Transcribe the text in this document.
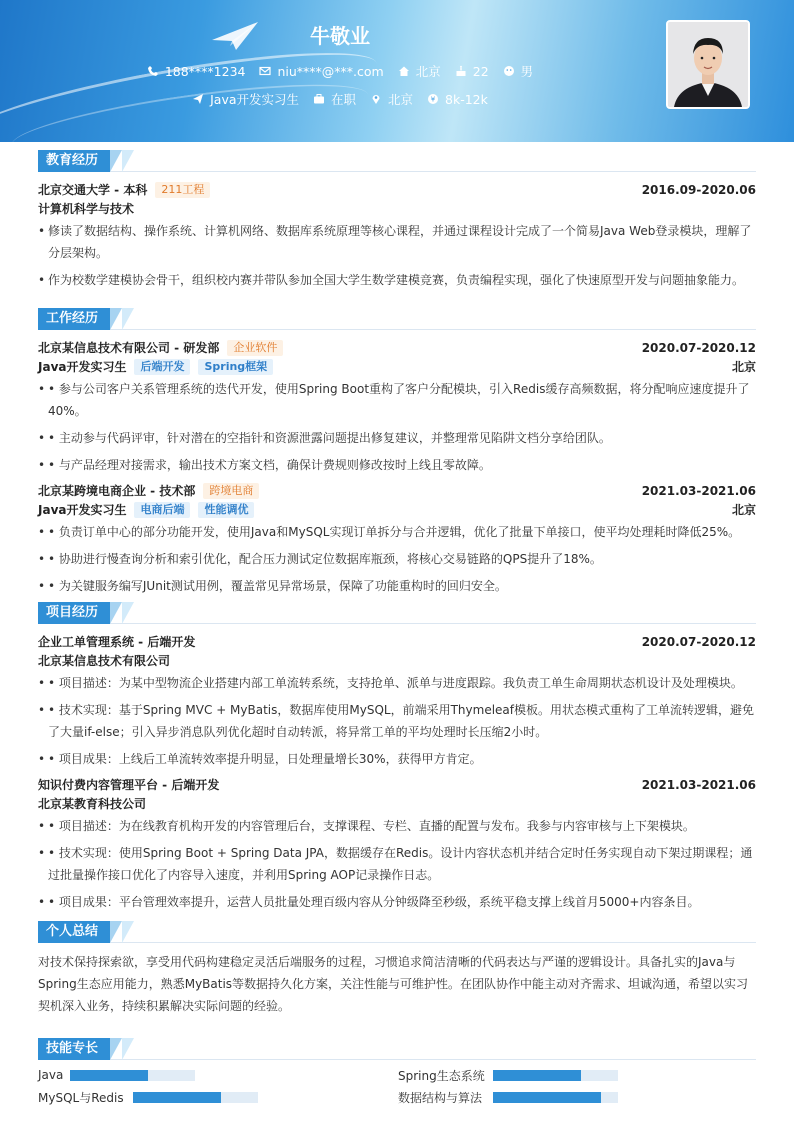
牛敬业
188****1234	niu****@***.com	北京	22	男
Java开发实习生	在职	北京	¥ 8k-12k
教育经历
北京交通大学 - 本科	211工程	2016.09-2020.06
计算机科学与技术
• 修读了数据结构、操作系统、计算机网络、数据库系统原理等核心课程，并通过课程设计完成了一个简易Java Web登录模块，理解了分层架构。
• 作为校数学建模协会骨干，组织校内赛并带队参加全国大学生数学建模竞赛，负责编程实现，强化了快速原型开发与问题抽象能力。
工作经历
北京某信息技术有限公司 - 研发部	企业软件	2020.07-2020.12
Java开发实习生	后端开发	Spring框架	北京
• • 参与公司客户关系管理系统的迭代开发，使用Spring Boot重构了客户分配模块，引入Redis缓存高频数据，将分配响应速度提升了40%。
• • 主动参与代码评审，针对潜在的空指针和资源泄露问题提出修复建议，并整理常见陷阱文档分享给团队。
• • 与产品经理对接需求，输出技术方案文档，确保计费规则修改按时上线且零故障。
北京某跨境电商企业 - 技术部	跨境电商	2021.03-2021.06
Java开发实习生	电商后端	性能调优	北京
• • 负责订单中心的部分功能开发，使用Java和MySQL实现订单拆分与合并逻辑，优化了批量下单接口，使平均处理耗时降低25%。
• • 协助进行慢查询分析和索引优化，配合压力测试定位数据库瓶颈，将核心交易链路的QPS提升了18%。
• • 为关键服务编写JUnit测试用例，覆盖常见异常场景，保障了功能重构时的回归安全。
项目经历
企业工单管理系统 - 后端开发	2020.07-2020.12
北京某信息技术有限公司
• • 项目描述：为某中型物流企业搭建内部工单流转系统，支持抢单、派单与进度跟踪。我负责工单生命周期状态机设计及处理模块。
• • 技术实现：基于Spring MVC + MyBatis，数据库使用MySQL，前端采用Thymeleaf模板。用状态模式重构了工单流转逻辑，避免了大量if-else；引入异步消息队列优化超时自动转派，将异常工单的平均处理时长压缩2小时。
• • 项目成果：上线后工单流转效率提升明显，日处理量增长30%，获得甲方肯定。
知识付费内容管理平台 - 后端开发	2021.03-2021.06
北京某教育科技公司
• • 项目描述：为在线教育机构开发的内容管理后台，支撑课程、专栏、直播的配置与发布。我参与内容审核与上下架模块。
• • 技术实现：使用Spring Boot + Spring Data JPA，数据缓存在Redis。设计内容状态机并结合定时任务实现自动下架过期课程；通过批量操作接口优化了内容导入速度，并利用Spring AOP记录操作日志。
• • 项目成果：平台管理效率提升，运营人员批量处理百级内容从分钟级降至秒级，系统平稳支撑上线首月5000+内容条目。
个人总结

对技术保持探索欲，享受用代码构建稳定灵活后端服务的过程，习惯追求简洁清晰的代码表达与严谨的逻辑设计。具备扎实的Java与Spring生态应用能力，熟悉MyBatis等数据持久化方案，关注性能与可维护性。在团队协作中能主动对齐需求、坦诚沟通，希望以实习契机深入业务，持续积累解决实际问题的经验。

技能专长
Java	Spring生态系统
MySQL与Redis	数据结构与算法
